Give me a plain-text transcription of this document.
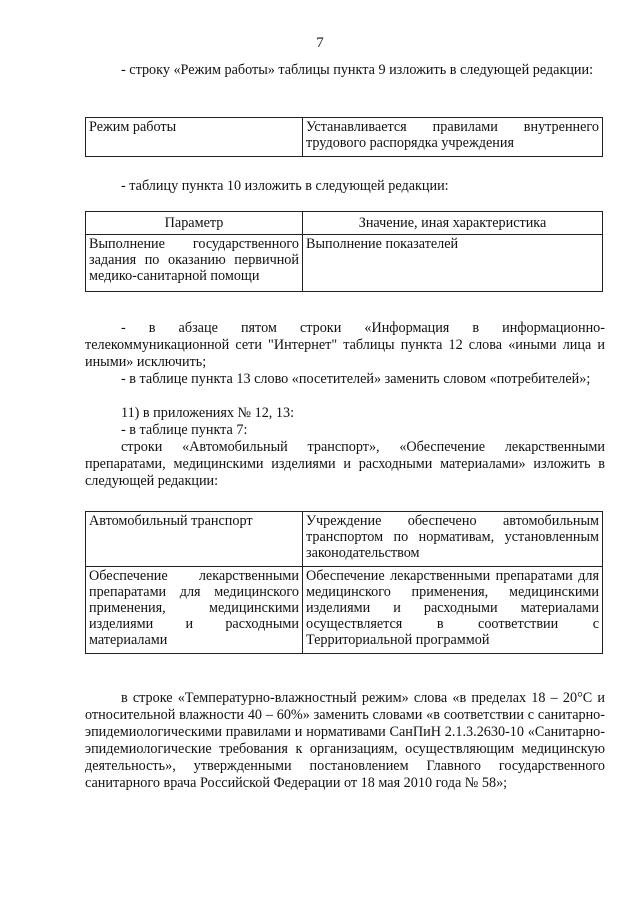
7

- строку «Режим работы» таблицы пункта 9 изложить в следующей редакции:

Режим работы	Устанавливается правилами внутреннего трудового распорядка учреждения

- таблицу пункта 10 изложить в следующей редакции:

Параметр	Значение, иная характеристика
Выполнение государственного задания по оказанию первичной медико-санитарной помощи	Выполнение показателей

- в абзаце пятом строки «Информация в информационно-телекоммуникационной сети "Интернет" таблицы пункта 12 слова «иными лица и иными» исключить;

- в таблице пункта 13 слово «посетителей» заменить словом «потребителей»;

11) в приложениях № 12, 13:

- в таблице пункта 7:

строки «Автомобильный транспорт», «Обеспечение лекарственными препаратами, медицинскими изделиями и расходными материалами» изложить в следующей редакции:

Автомобильный транспорт	Учреждение обеспечено автомобильным транспортом по нормативам, установленным законодательством
Обеспечение лекарственными препаратами для медицинского применения, медицинскими изделиями и расходными материалами	Обеспечение лекарственными препаратами для медицинского применения, медицинскими изделиями и расходными материалами осуществляется в соответствии с Территориальной программой

в строке «Температурно-влажностный режим» слова «в пределах 18 – 20°С и относительной влажности 40 – 60%» заменить словами «в соответствии с санитарно-эпидемиологическими правилами и нормативами СанПиН 2.1.3.2630-10 «Санитарно-эпидемиологические требования к организациям, осуществляющим медицинскую деятельность», утвержденными постановлением Главного государственного санитарного врача Российской Федерации от 18 мая 2010 года № 58»;
